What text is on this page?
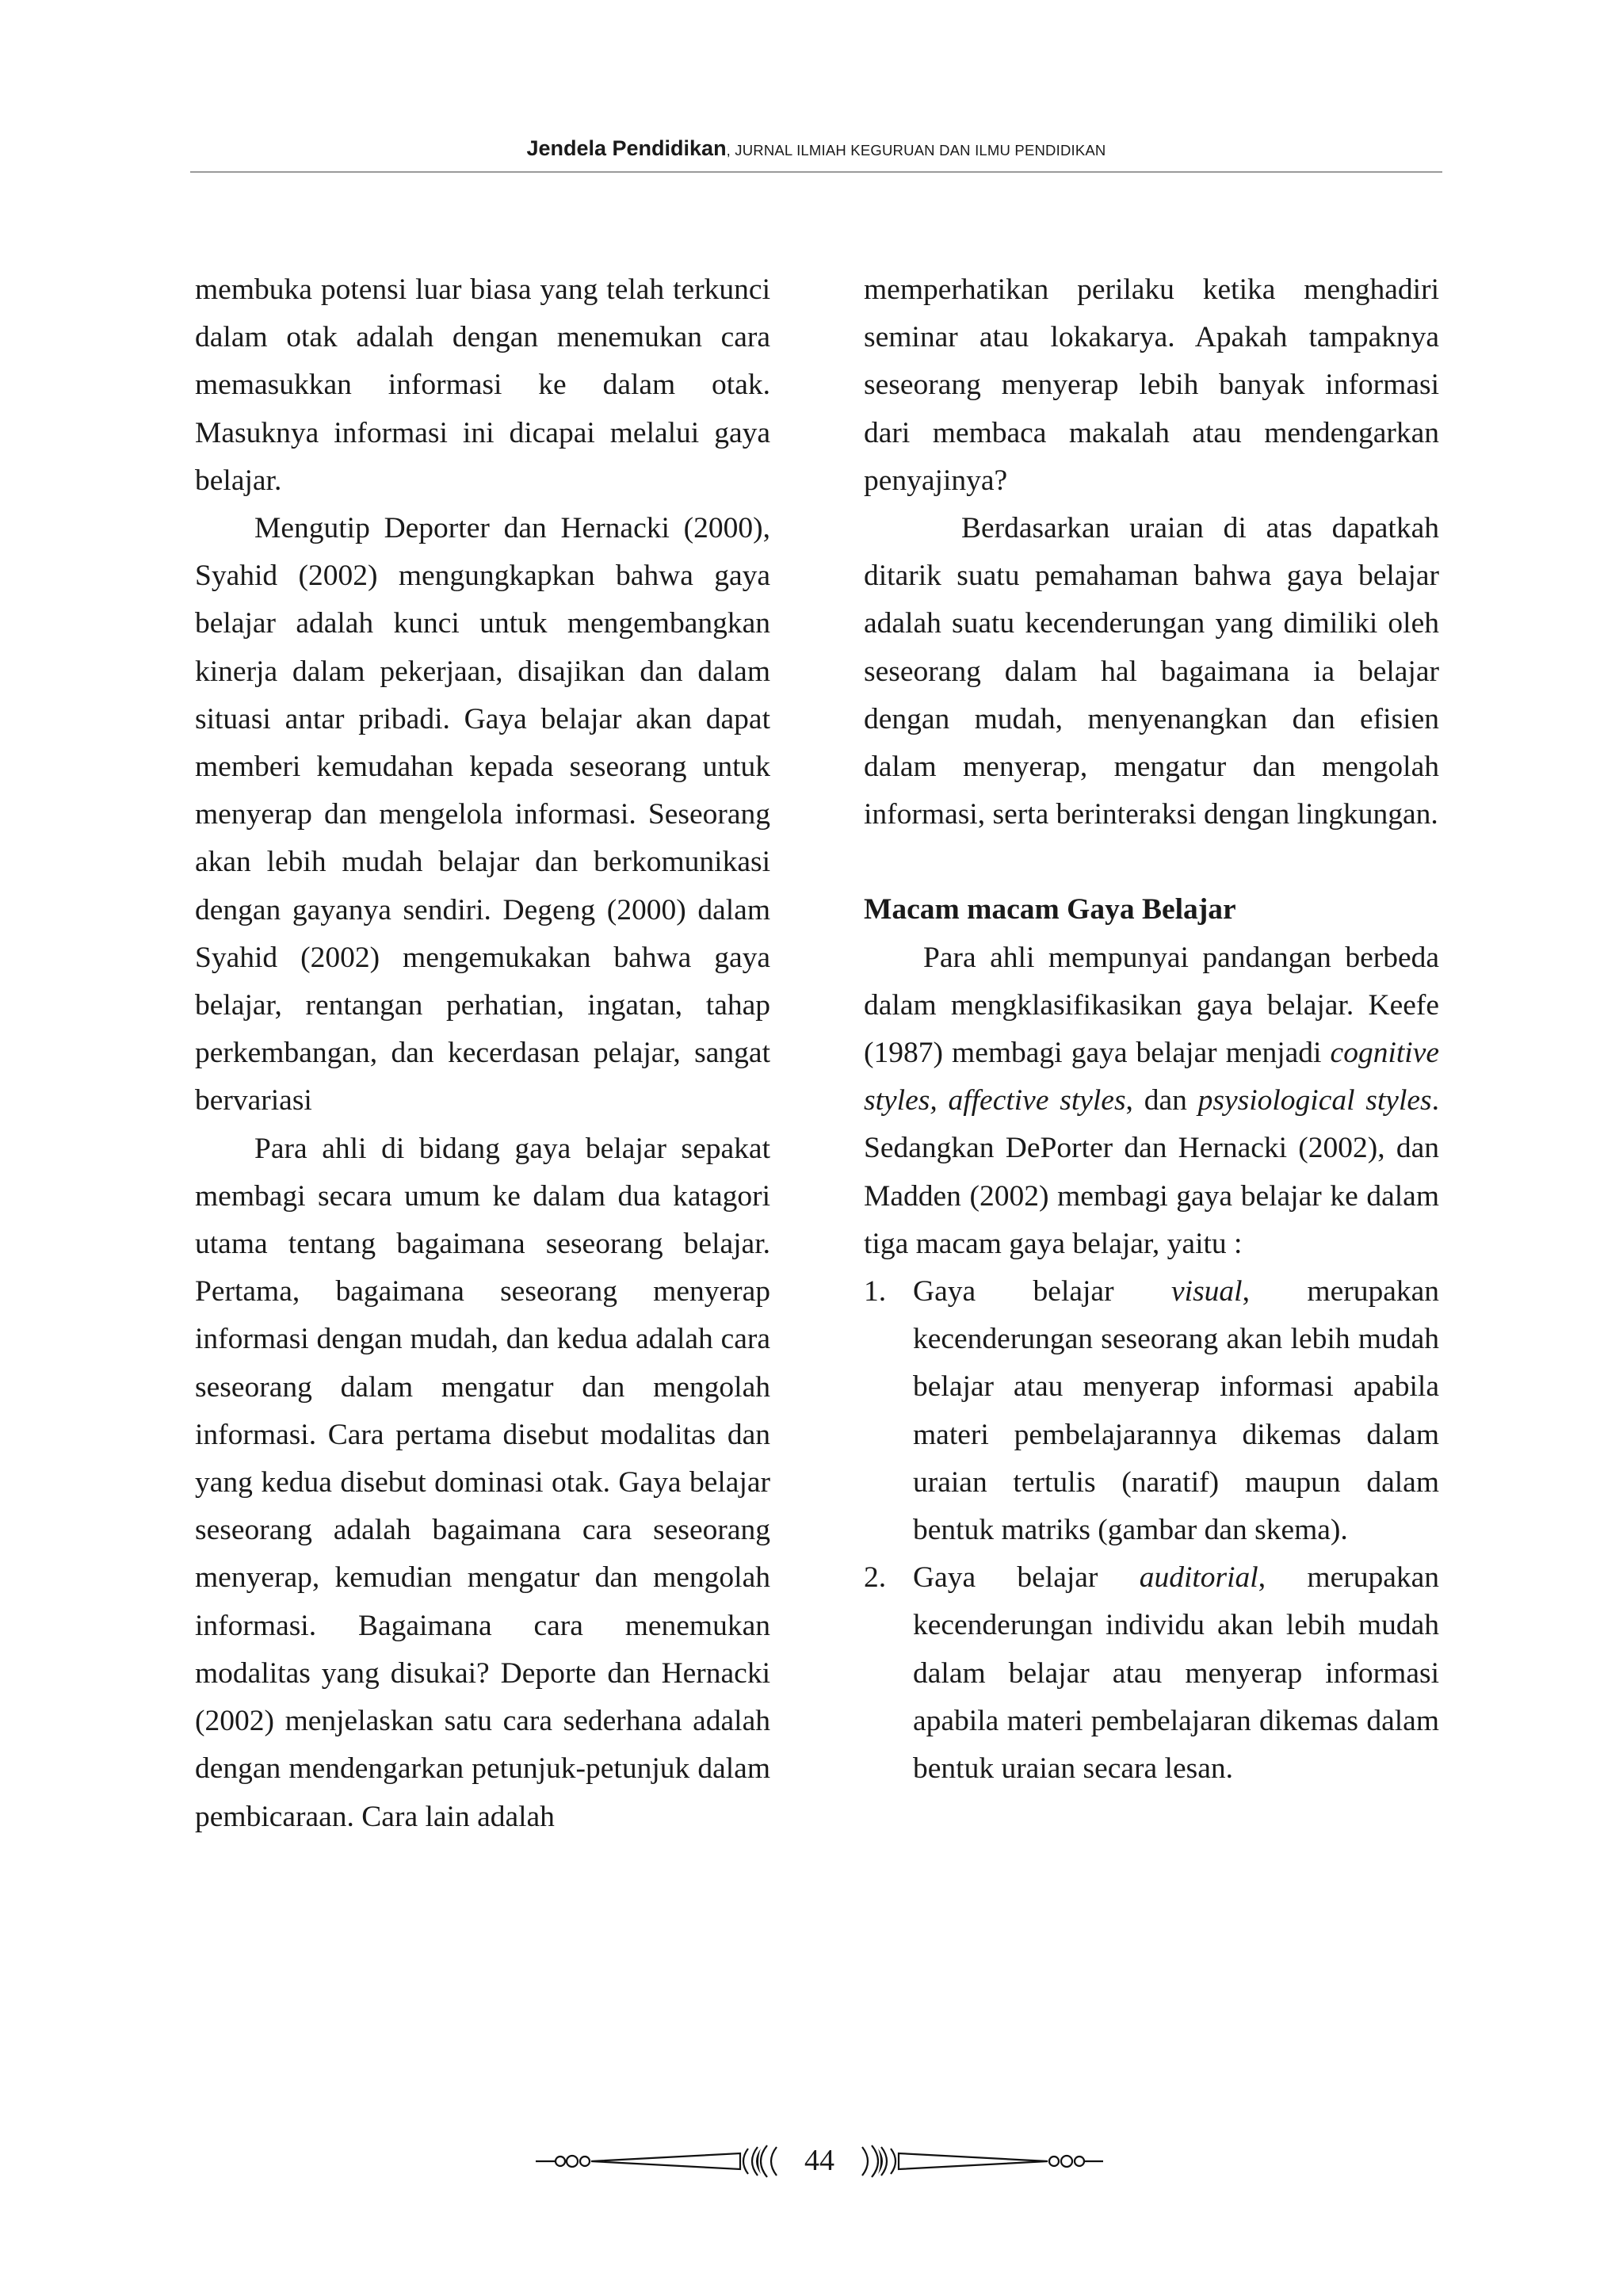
Jendela Pendidikan, JURNAL ILMIAH KEGURUAN DAN ILMU PENDIDIKAN

membuka potensi luar biasa yang telah terkunci dalam otak adalah dengan menemukan cara memasukkan informasi ke dalam otak. Masuknya informasi ini dicapai melalui gaya belajar.

Mengutip Deporter dan Hernacki (2000), Syahid (2002) mengungkapkan bahwa gaya belajar adalah kunci untuk mengembangkan kinerja dalam pekerjaan, disajikan dan dalam situasi antar pribadi. Gaya belajar akan dapat memberi kemudahan kepada seseorang untuk menyerap dan mengelola informasi. Seseorang akan lebih mudah belajar dan berkomunikasi dengan gayanya sendiri. Degeng (2000) dalam Syahid (2002) mengemukakan bahwa gaya belajar, rentangan perhatian, ingatan, tahap perkembangan, dan kecerdasan pelajar, sangat bervariasi

Para ahli di bidang gaya belajar sepakat membagi secara umum ke dalam dua katagori utama tentang bagaimana seseorang belajar. Pertama, bagaimana seseorang menyerap informasi dengan mudah, dan kedua adalah cara seseorang dalam mengatur dan mengolah informasi. Cara pertama disebut modalitas dan yang kedua disebut dominasi otak. Gaya belajar seseorang adalah bagaimana cara seseorang menyerap, kemudian mengatur dan mengolah informasi. Bagaimana cara menemukan modalitas yang disukai? Deporte dan Hernacki (2002) menjelaskan satu cara sederhana adalah dengan mendengarkan petunjuk-petunjuk dalam pembicaraan. Cara lain adalah

memperhatikan perilaku ketika menghadiri seminar atau lokakarya. Apakah tampaknya seseorang menyerap lebih banyak informasi dari membaca makalah atau mendengarkan penyajinya?

Berdasarkan uraian di atas dapatkah ditarik suatu pemahaman bahwa gaya belajar adalah suatu kecenderungan yang dimiliki oleh seseorang dalam hal bagaimana ia belajar dengan mudah, menyenangkan dan efisien dalam menyerap, mengatur dan mengolah informasi, serta berinteraksi dengan lingkungan.

Macam macam Gaya Belajar

Para ahli mempunyai pandangan berbeda dalam mengklasifikasikan gaya belajar. Keefe (1987) membagi gaya belajar menjadi cognitive styles, affective styles, dan psysiological styles. Sedangkan DePorter dan Hernacki (2002), dan Madden (2002) membagi gaya belajar ke dalam tiga macam gaya belajar, yaitu :

1. Gaya belajar visual, merupakan kecenderungan seseorang akan lebih mudah belajar atau menyerap informasi apabila materi pembelajarannya dikemas dalam uraian tertulis (naratif) maupun dalam bentuk matriks (gambar dan skema).

2. Gaya belajar auditorial, merupakan kecenderungan individu akan lebih mudah dalam belajar atau menyerap informasi apabila materi pembelajaran dikemas dalam bentuk uraian secara lesan.

44
